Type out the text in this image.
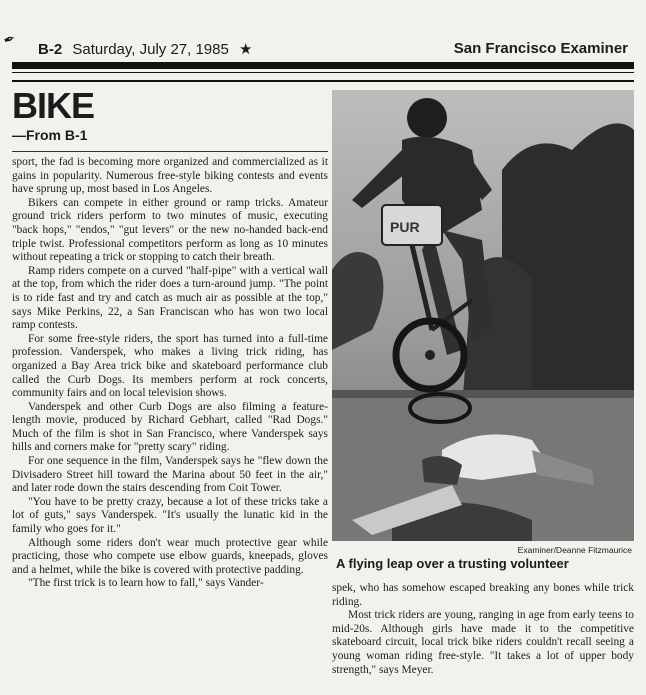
✒ B-2 Saturday, July 27, 1985 ★	San Francisco Examiner
BIKE
—From B-1

sport, the fad is becoming more organized and commercialized as it gains in popularity. Numerous free-style biking contests and events have sprung up, most based in Los Angeles.

Bikers can compete in either ground or ramp tricks. Amateur ground trick riders perform to two minutes of music, executing "back hops," "endos," "gut levers" or the new no-handed back-end triple twist. Professional competitors perform as long as 10 minutes without repeating a trick or stopping to catch their breath.

Ramp riders compete on a curved "half-pipe" with a vertical wall at the top, from which the rider does a turn-around jump. "The point is to ride fast and try and catch as much air as possible at the top," says Mike Perkins, 22, a San Franciscan who has won two local ramp contests.

For some free-style riders, the sport has turned into a full-time profession. Vanderspek, who makes a living trick riding, has organized a Bay Area trick bike and skateboard performance club called the Curb Dogs. Its members perform at rock concerts, community fairs and on local television shows.

Vanderspek and other Curb Dogs are also filming a feature-length movie, produced by Richard Gebhart, called "Rad Dogs." Much of the film is shot in San Francisco, where Vanderspek says hills and corners make for "pretty scary" riding.

For one sequence in the film, Vanderspek says he "flew down the Divisadero Street hill toward the Marina about 50 feet in the air," and later rode down the stairs descending from Coit Tower.

"You have to be pretty crazy, because a lot of these tricks take a lot of guts," says Vanderspek. "It's usually the lunatic kid in the family who goes for it."

Although some riders don't wear much protective gear while practicing, those who compete use elbow guards, kneepads, gloves and a helmet, while the bike is covered with protective padding.

"The first trick is to learn how to fall," says Vander-

PUR
Examiner/Deanne Fitzmaurice
A flying leap over a trusting volunteer

spek, who has somehow escaped breaking any bones while trick riding.

Most trick riders are young, ranging in age from early teens to mid-20s. Although girls have made it to the competitive skateboard circuit, local trick bike riders couldn't recall seeing a young woman riding free-style. "It takes a lot of upper body strength," says Meyer.
